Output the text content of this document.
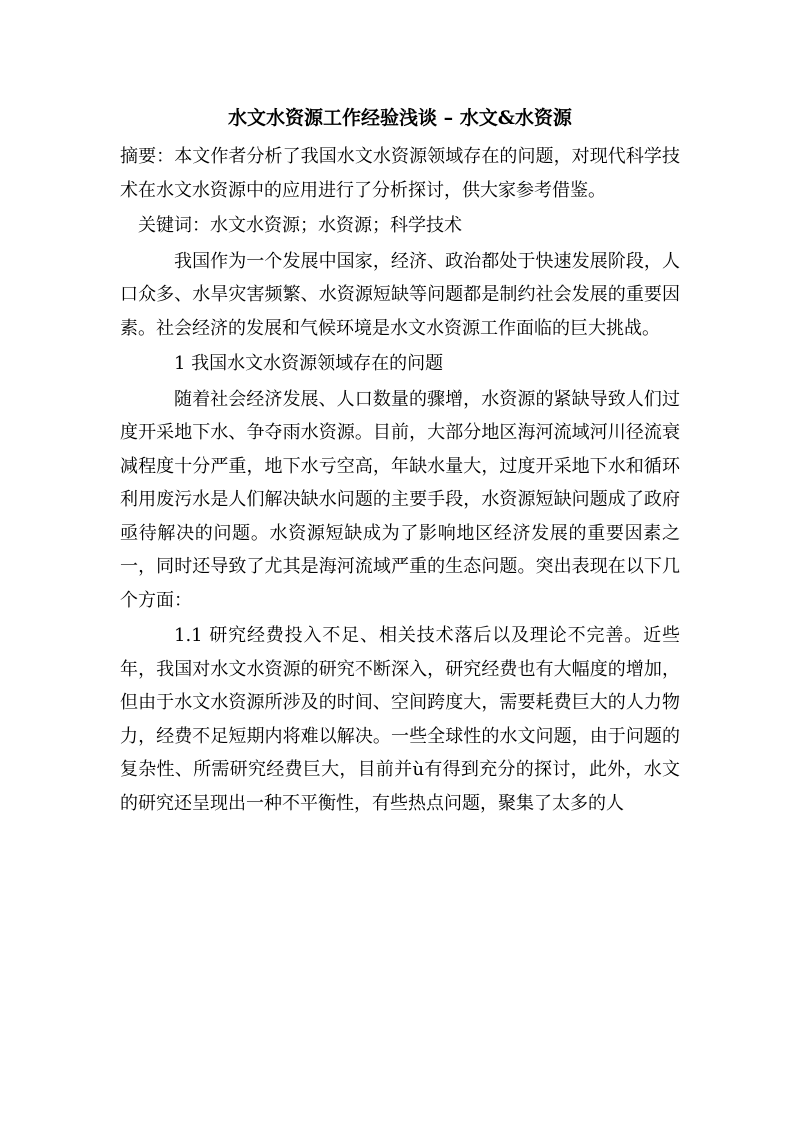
水文水资源工作经验浅谈 – 水文&水资源

摘要：本文作者分析了我国水文水资源领域存在的问题，对现代科学技术在水文水资源中的应用进行了分析探讨，供大家参考借鉴。

关键词：水文水资源；水资源；科学技术

我国作为一个发展中国家，经济、政治都处于快速发展阶段，人口众多、水旱灾害频繁、水资源短缺等问题都是制约社会发展的重要因素。社会经济的发展和气候环境是水文水资源工作面临的巨大挑战。

1 我国水文水资源领域存在的问题

随着社会经济发展、人口数量的骤增，水资源的紧缺导致人们过度开采地下水、争夺雨水资源。目前，大部分地区海河流域河川径流衰减程度十分严重，地下水亏空高，年缺水量大，过度开采地下水和循环利用废污水是人们解决缺水问题的主要手段，水资源短缺问题成了政府亟待解决的问题。水资源短缺成为了影响地区经济发展的重要因素之一，同时还导致了尤其是海河流域严重的生态问题。突出表现在以下几个方面：

1.1 研究经费投入不足、相关技术落后以及理论不完善。近些年，我国对水文水资源的研究不断深入，研究经费也有大幅度的增加，但由于水文水资源所涉及的时间、空间跨度大，需要耗费巨大的人力物力，经费不足短期内将难以解决。一些全球性的水文问题，由于问题的复杂性、所需研究经费巨大，目前并ù有得到充分的探讨，此外，水文的研究还呈现出一种不平衡性，有些热点问题，聚集了太多的人
